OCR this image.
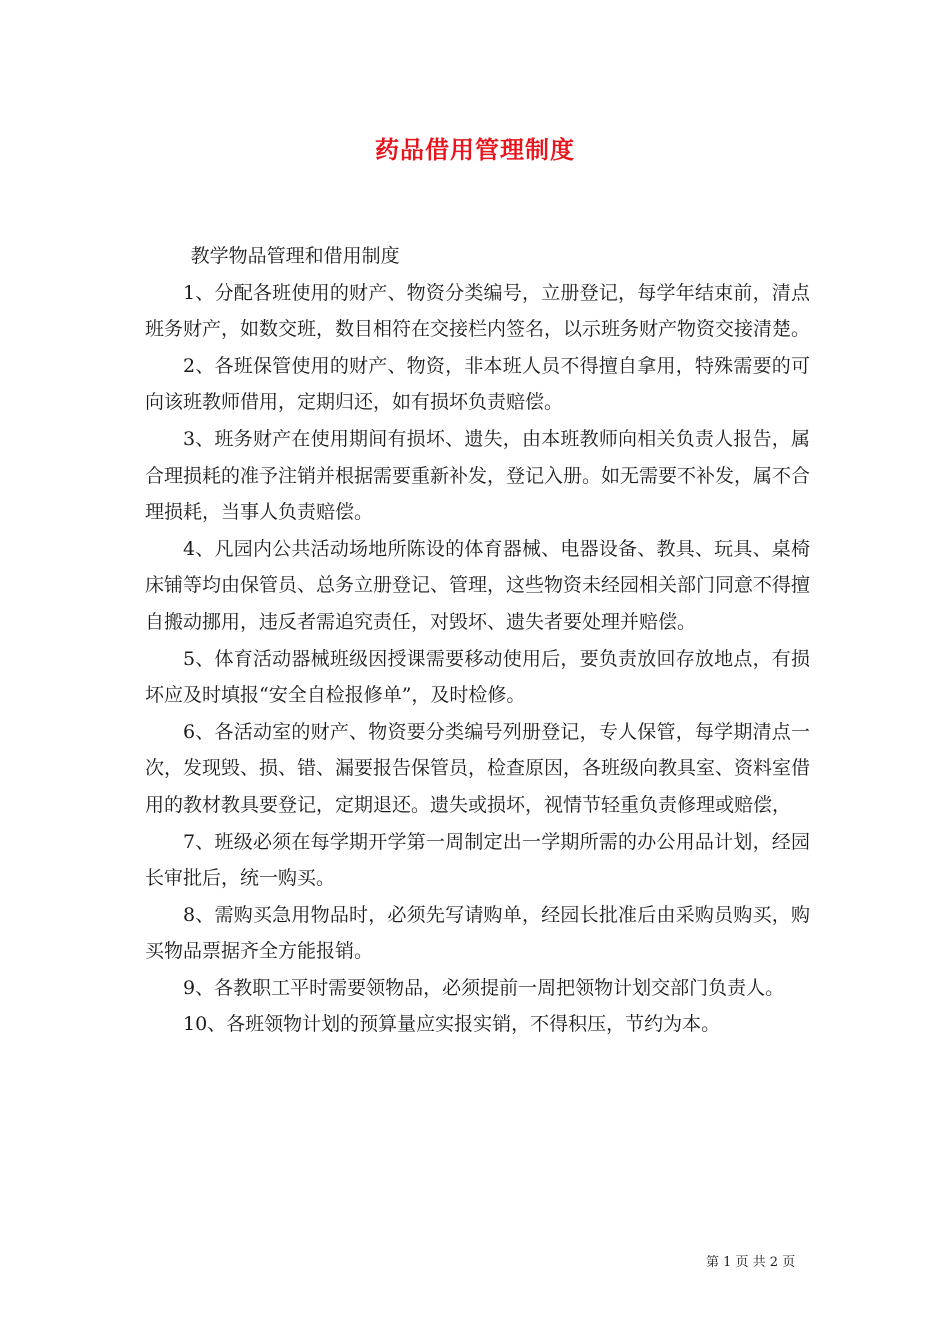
药品借用管理制度

教学物品管理和借用制度

1、分配各班使用的财产、物资分类编号，立册登记，每学年结束前，清点班务财产，如数交班，数目相符在交接栏内签名，以示班务财产物资交接清楚。

2、各班保管使用的财产、物资，非本班人员不得擅自拿用，特殊需要的可向该班教师借用，定期归还，如有损坏负责赔偿。

3、班务财产在使用期间有损坏、遗失，由本班教师向相关负责人报告，属合理损耗的准予注销并根据需要重新补发，登记入册。如无需要不补发，属不合理损耗，当事人负责赔偿。

4、凡园内公共活动场地所陈设的体育器械、电器设备、教具、玩具、桌椅床铺等均由保管员、总务立册登记、管理，这些物资未经园相关部门同意不得擅自搬动挪用，违反者需追究责任，对毁坏、遗失者要处理并赔偿。

5、体育活动器械班级因授课需要移动使用后，要负责放回存放地点，有损坏应及时填报“安全自检报修单”，及时检修。

6、各活动室的财产、物资要分类编号列册登记，专人保管，每学期清点一次，发现毁、损、错、漏要报告保管员，检查原因，各班级向教具室、资料室借用的教材教具要登记，定期退还。遗失或损坏，视情节轻重负责修理或赔偿，

7、班级必须在每学期开学第一周制定出一学期所需的办公用品计划，经园长审批后，统一购买。

8、需购买急用物品时，必须先写请购单，经园长批准后由采购员购买，购买物品票据齐全方能报销。

9、各教职工平时需要领物品，必须提前一周把领物计划交部门负责人。

10、各班领物计划的预算量应实报实销，不得积压，节约为本。

第 1 页 共 2 页
